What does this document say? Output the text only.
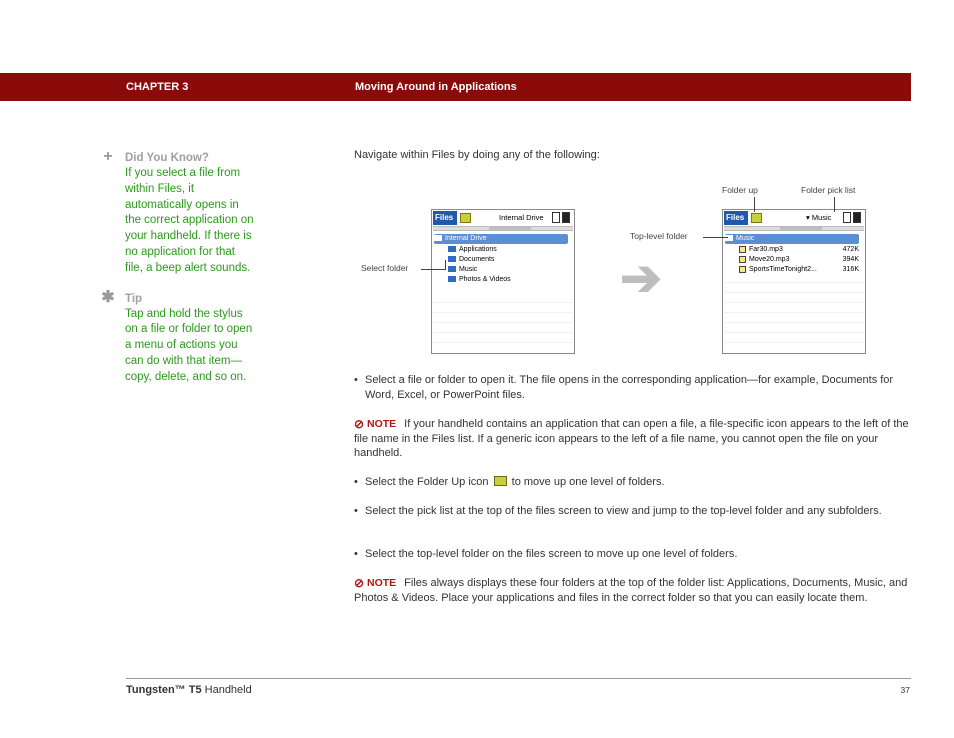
CHAPTER 3	Moving Around in Applications
+ Did You Know?
If you select a file from
within Files, it
automatically opens in
the correct application on
your handheld. If there is
no application for that
file, a beep alert sounds.
✱ Tip
Tap and hold the stylus
on a file or folder to open
a menu of actions you
can do with that item—
copy, delete, and so on.
Navigate within Files by doing any of the following:
Files	Internal Drive
Internal Drive
Applications
Documents
Music
Photos & Videos
Select folder	➔
Files	▾ Music
Music
Far30.mp3	472K
Move20.mp3	394K
SportsTimeTonight2...	316K
Folder up	Folder pick list
Top-level folder
• Select a file or folder to open it. The file opens in the corresponding application—for example, Documents for Word, Excel, or PowerPoint files.
⊘ NOTE If your handheld contains an application that can open a file, a file-specific icon appears to the left of the file name in the Files list. If a generic icon appears to the left of a file name, you cannot open the file on your handheld.
• Select the Folder Up icon to move up one level of folders.
• Select the pick list at the top of the files screen to view and jump to the top-level folder and any subfolders.
• Select the top-level folder on the files screen to move up one level of folders.
⊘ NOTE Files always displays these four folders at the top of the folder list: Applications, Documents, Music, and Photos & Videos. Place your applications and files in the correct folder so that you can easily locate them.
Tungsten™ T5 Handheld	37
